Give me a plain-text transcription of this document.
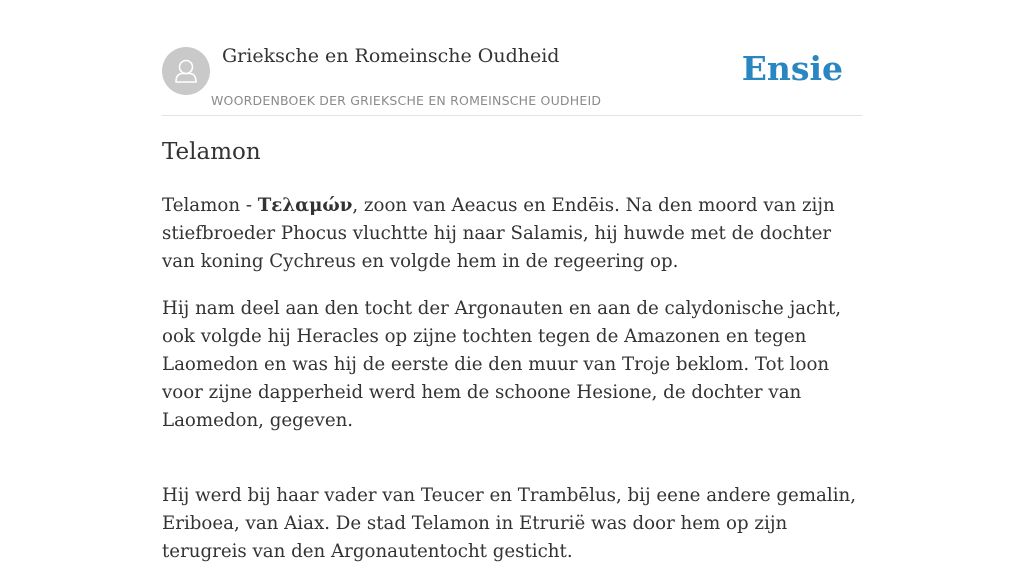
Grieksche en Romeinsche Oudheid
WOORDENBOEK DER GRIEKSCHE EN ROMEINSCHE OUDHEID
Ensie
Telamon

Telamon - Τελαμών, zoon van Aeacus en Endēis. Na den moord van zijn stiefbroeder Phocus vluchtte hij naar Salamis, hij huwde met de dochter van koning Cychreus en volgde hem in de regeering op.

Hij nam deel aan den tocht der Argonauten en aan de calydonische jacht, ook volgde hij Heracles op zijne tochten tegen de Amazonen en tegen Laomedon en was hij de eerste die den muur van Troje beklom. Tot loon voor zijne dapperheid werd hem de schoone Hesione, de dochter van Laomedon, gegeven.

Hij werd bij haar vader van Teucer en Trambēlus, bij eene andere gemalin, Eriboea, van Aiax. De stad Telamon in Etrurië was door hem op zijn terugreis van den Argonautentocht gesticht.
